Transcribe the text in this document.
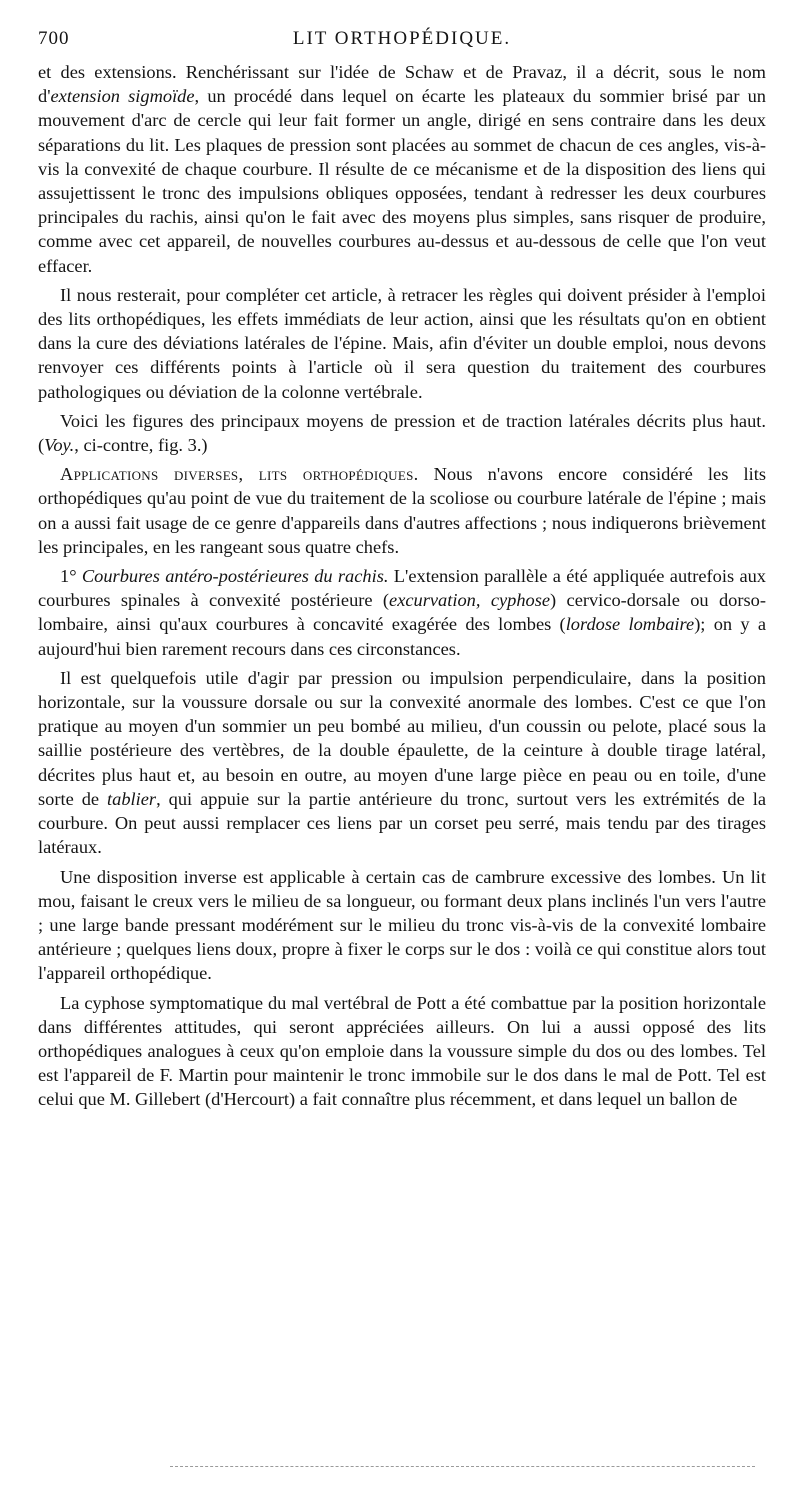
700	LIT ORTHOPÉDIQUE.

et des extensions. Renchérissant sur l'idée de Schaw et de Pravaz, il a décrit, sous le nom d'extension sigmoïde, un procédé dans lequel on écarte les plateaux du sommier brisé par un mouvement d'arc de cercle qui leur fait former un angle, dirigé en sens contraire dans les deux séparations du lit. Les plaques de pression sont placées au sommet de chacun de ces angles, vis-à-vis la convexité de chaque courbure. Il résulte de ce mécanisme et de la disposition des liens qui assujettissent le tronc des impulsions obliques opposées, tendant à redresser les deux courbures principales du rachis, ainsi qu'on le fait avec des moyens plus simples, sans risquer de produire, comme avec cet appareil, de nouvelles courbures au-dessus et au-dessous de celle que l'on veut effacer.

Il nous resterait, pour compléter cet article, à retracer les règles qui doivent présider à l'emploi des lits orthopédiques, les effets immédiats de leur action, ainsi que les résultats qu'on en obtient dans la cure des déviations latérales de l'épine. Mais, afin d'éviter un double emploi, nous devons renvoyer ces différents points à l'article où il sera question du traitement des courbures pathologiques ou déviation de la colonne vertébrale.

Voici les figures des principaux moyens de pression et de traction latérales décrits plus haut. (Voy., ci-contre, fig. 3.)

Applications diverses, lits orthopédiques. Nous n'avons encore considéré les lits orthopédiques qu'au point de vue du traitement de la scoliose ou courbure latérale de l'épine ; mais on a aussi fait usage de ce genre d'appareils dans d'autres affections ; nous indiquerons brièvement les principales, en les rangeant sous quatre chefs.

1° Courbures antéro-postérieures du rachis. L'extension parallèle a été appliquée autrefois aux courbures spinales à convexité postérieure (excurvation, cyphose) cervico-dorsale ou dorso-lombaire, ainsi qu'aux courbures à concavité exagérée des lombes (lordose lombaire); on y a aujourd'hui bien rarement recours dans ces circonstances.

Il est quelquefois utile d'agir par pression ou impulsion perpendiculaire, dans la position horizontale, sur la voussure dorsale ou sur la convexité anormale des lombes. C'est ce que l'on pratique au moyen d'un sommier un peu bombé au milieu, d'un coussin ou pelote, placé sous la saillie postérieure des vertèbres, de la double épaulette, de la ceinture à double tirage latéral, décrites plus haut et, au besoin en outre, au moyen d'une large pièce en peau ou en toile, d'une sorte de tablier, qui appuie sur la partie antérieure du tronc, surtout vers les extrémités de la courbure. On peut aussi remplacer ces liens par un corset peu serré, mais tendu par des tirages latéraux.

Une disposition inverse est applicable à certain cas de cambrure excessive des lombes. Un lit mou, faisant le creux vers le milieu de sa longueur, ou formant deux plans inclinés l'un vers l'autre ; une large bande pressant modérément sur le milieu du tronc vis-à-vis de la convexité lombaire antérieure ; quelques liens doux, propre à fixer le corps sur le dos : voilà ce qui constitue alors tout l'appareil orthopédique.

La cyphose symptomatique du mal vertébral de Pott a été combattue par la position horizontale dans différentes attitudes, qui seront appréciées ailleurs. On lui a aussi opposé des lits orthopédiques analogues à ceux qu'on emploie dans la voussure simple du dos ou des lombes. Tel est l'appareil de F. Martin pour maintenir le tronc immobile sur le dos dans le mal de Pott. Tel est celui que M. Gillebert (d'Hercourt) a fait connaître plus récemment, et dans lequel un ballon de
